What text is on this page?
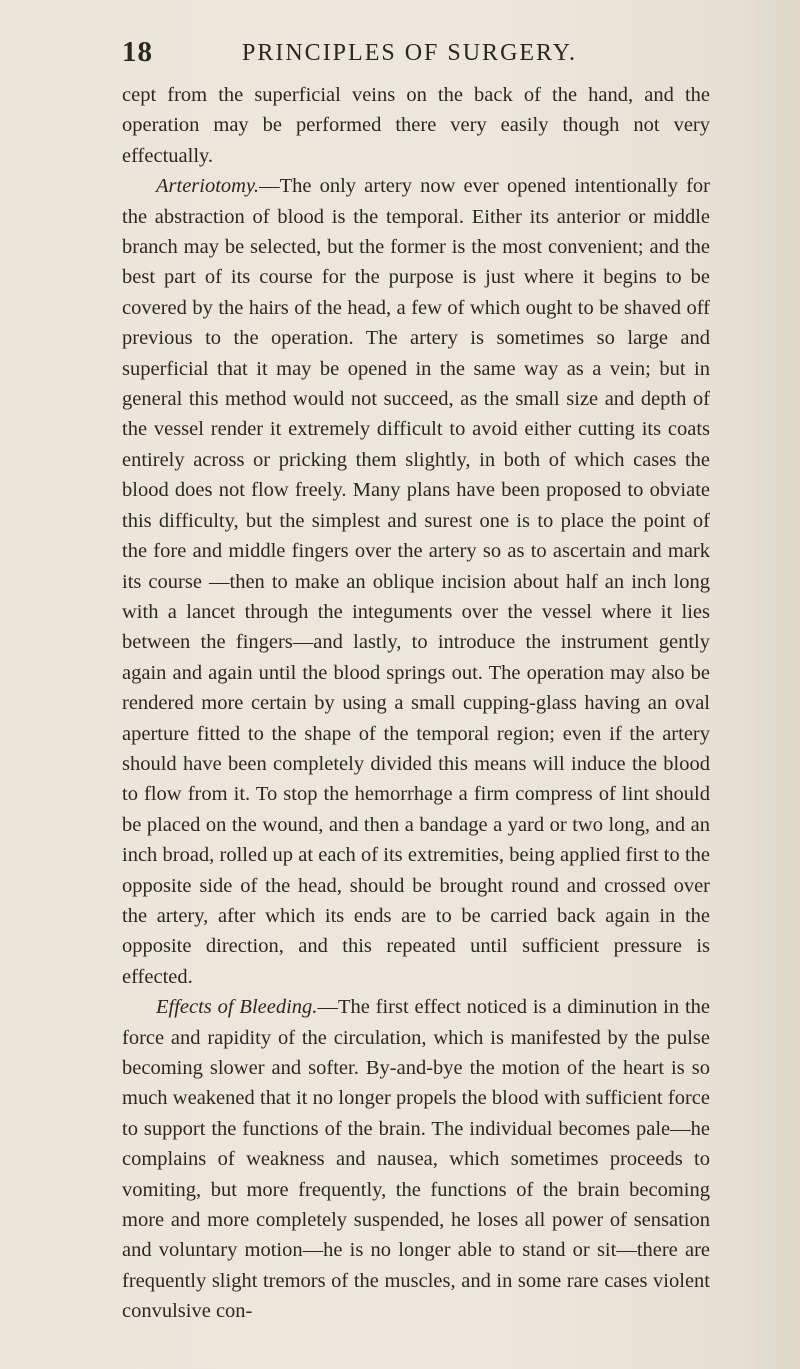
18	PRINCIPLES OF SURGERY.

cept from the superficial veins on the back of the hand, and the operation may be performed there very easily though not very effectually.

Arteriotomy.—The only artery now ever opened intentionally for the abstraction of blood is the temporal. Either its anterior or middle branch may be selected, but the former is the most convenient; and the best part of its course for the purpose is just where it begins to be covered by the hairs of the head, a few of which ought to be shaved off previous to the operation. The artery is sometimes so large and superficial that it may be opened in the same way as a vein; but in general this method would not succeed, as the small size and depth of the vessel render it extremely difficult to avoid either cutting its coats entirely across or pricking them slightly, in both of which cases the blood does not flow freely. Many plans have been proposed to obviate this difficulty, but the simplest and surest one is to place the point of the fore and middle fingers over the artery so as to ascertain and mark its course —then to make an oblique incision about half an inch long with a lancet through the integuments over the vessel where it lies between the fingers—and lastly, to introduce the instrument gently again and again until the blood springs out. The operation may also be rendered more certain by using a small cupping-glass having an oval aperture fitted to the shape of the temporal region; even if the artery should have been completely divided this means will induce the blood to flow from it. To stop the hemorrhage a firm compress of lint should be placed on the wound, and then a bandage a yard or two long, and an inch broad, rolled up at each of its extremities, being applied first to the opposite side of the head, should be brought round and crossed over the artery, after which its ends are to be carried back again in the opposite direction, and this repeated until sufficient pressure is effected.

Effects of Bleeding.—The first effect noticed is a diminution in the force and rapidity of the circulation, which is manifested by the pulse becoming slower and softer. By-and-bye the motion of the heart is so much weakened that it no longer propels the blood with sufficient force to support the functions of the brain. The individual becomes pale—he complains of weakness and nausea, which sometimes proceeds to vomiting, but more frequently, the functions of the brain becoming more and more completely suspended, he loses all power of sensation and voluntary motion—he is no longer able to stand or sit—there are frequently slight tremors of the muscles, and in some rare cases violent convulsive con-
